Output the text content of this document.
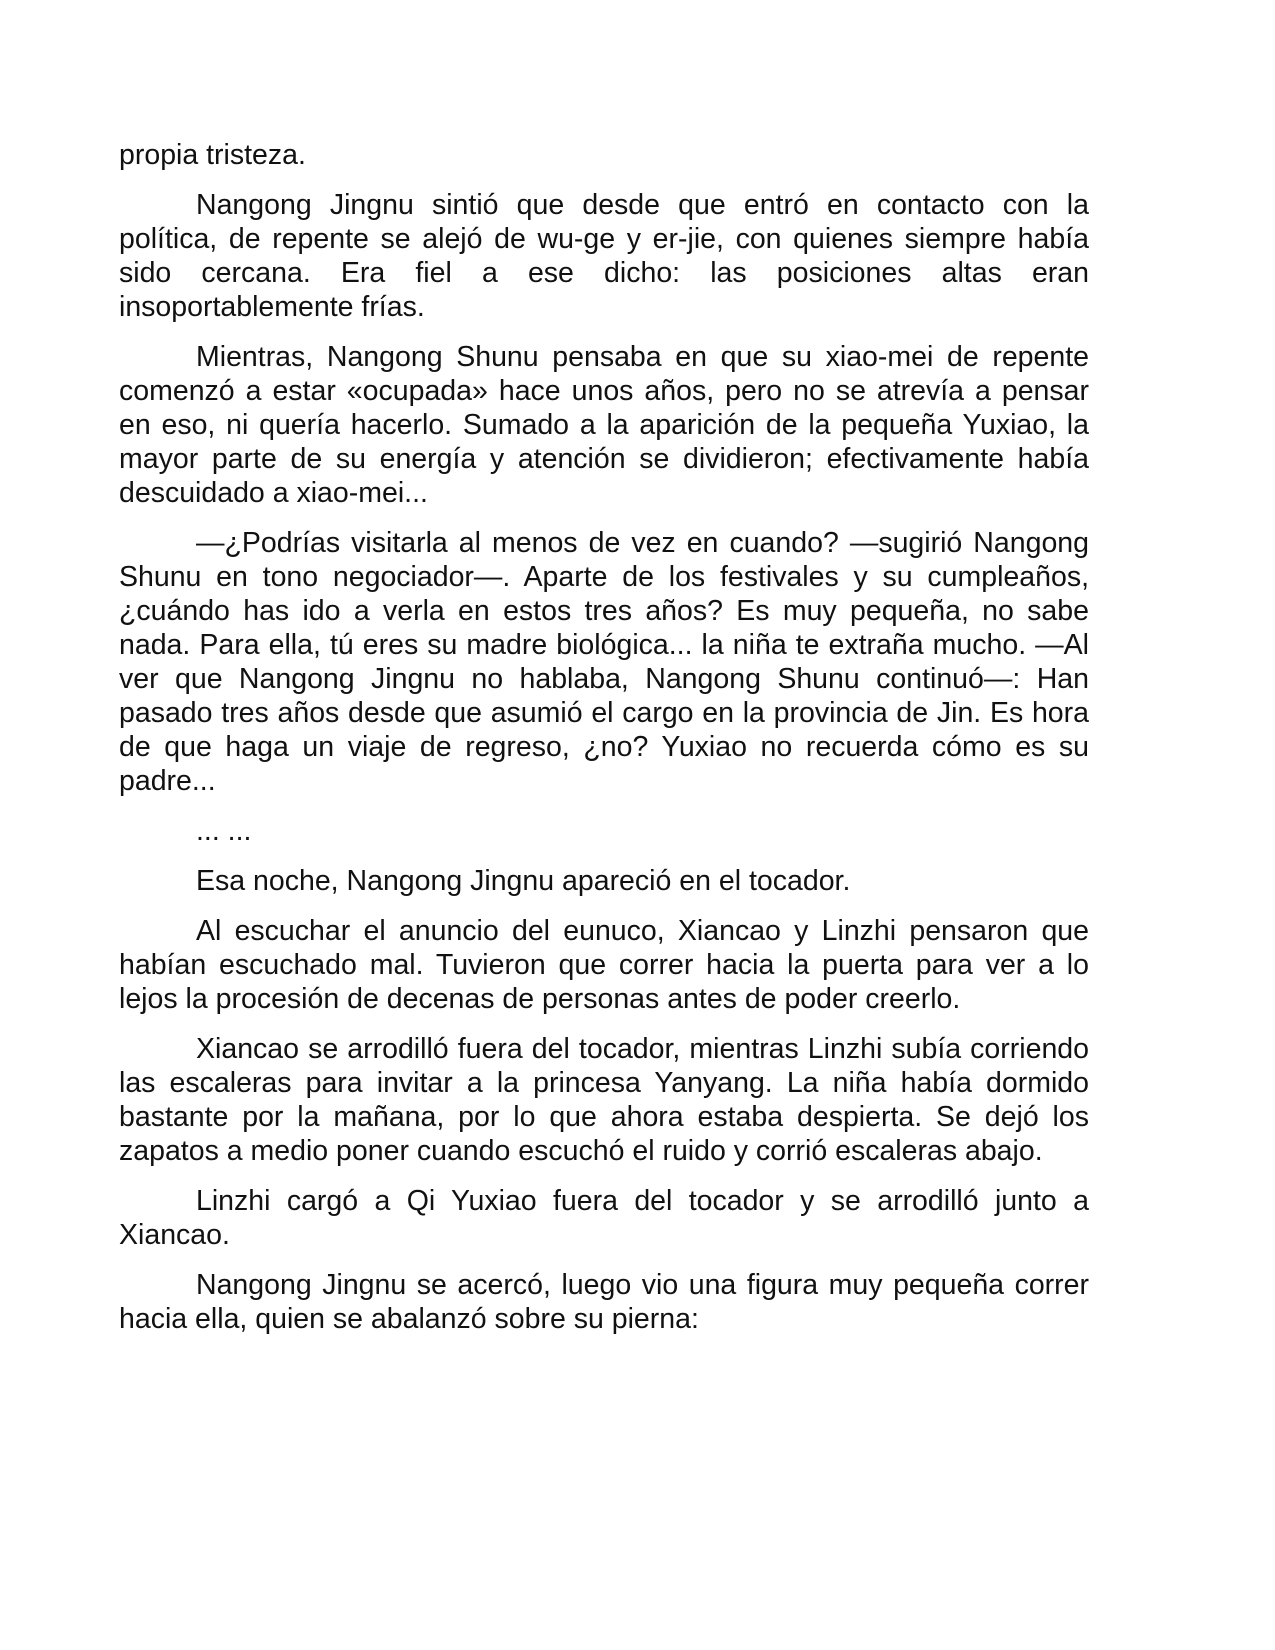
propia tristeza.

Nangong Jingnu sintió que desde que entró en contacto con la política, de repente se alejó de wu-ge y er-jie, con quienes siempre había sido cercana. Era fiel a ese dicho: las posiciones altas eran insoportablemente frías.

Mientras, Nangong Shunu pensaba en que su xiao-mei de repente comenzó a estar «ocupada» hace unos años, pero no se atrevía a pensar en eso, ni quería hacerlo. Sumado a la aparición de la pequeña Yuxiao, la mayor parte de su energía y atención se dividieron; efectivamente había descuidado a xiao-mei...

—¿Podrías visitarla al menos de vez en cuando? —sugirió Nangong Shunu en tono negociador—. Aparte de los festivales y su cumpleaños, ¿cuándo has ido a verla en estos tres años? Es muy pequeña, no sabe nada. Para ella, tú eres su madre biológica... la niña te extraña mucho. —Al ver que Nangong Jingnu no hablaba, Nangong Shunu continuó—: Han pasado tres años desde que asumió el cargo en la provincia de Jin. Es hora de que haga un viaje de regreso, ¿no? Yuxiao no recuerda cómo es su padre...

... ...

Esa noche, Nangong Jingnu apareció en el tocador.

Al escuchar el anuncio del eunuco, Xiancao y Linzhi pensaron que habían escuchado mal. Tuvieron que correr hacia la puerta para ver a lo lejos la procesión de decenas de personas antes de poder creerlo.

Xiancao se arrodilló fuera del tocador, mientras Linzhi subía corriendo las escaleras para invitar a la princesa Yanyang. La niña había dormido bastante por la mañana, por lo que ahora estaba despierta. Se dejó los zapatos a medio poner cuando escuchó el ruido y corrió escaleras abajo.

Linzhi cargó a Qi Yuxiao fuera del tocador y se arrodilló junto a Xiancao.

Nangong Jingnu se acercó, luego vio una figura muy pequeña correr hacia ella, quien se abalanzó sobre su pierna:
